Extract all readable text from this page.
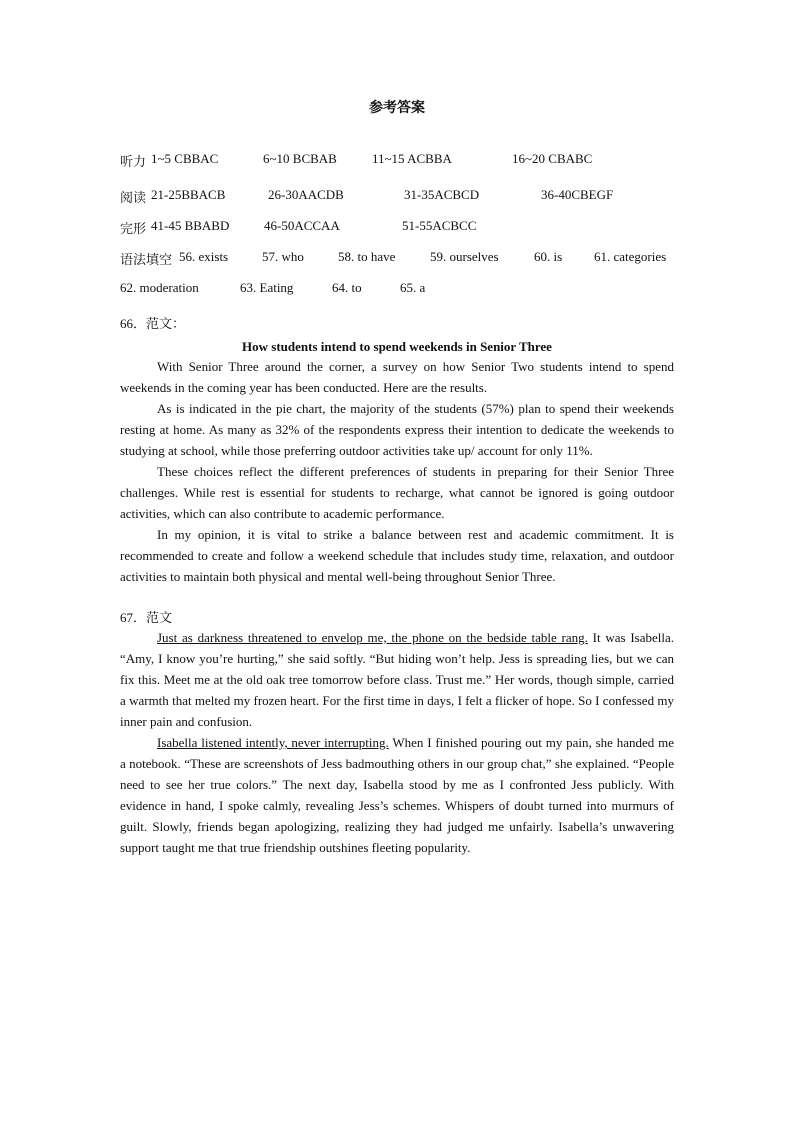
参考答案
听力 1~5 CBBAC	6~10 BCBAB	11~15 ACBBA	16~20 CBABC
阅读 21-25BBACB	26-30AACDB	31-35ACBCD	36-40CBEGF
完形 41-45 BBABD	46-50ACCAA	51-55ACBCC
语法填空 56. exists	57. who	58. to have	59. ourselves	60. is 61. categories
62. moderation	63. Eating	64. to	65. a
66．范文：
How students intend to spend weekends in Senior Three

With Senior Three around the corner, a survey on how Senior Two students intend to spend weekends in the coming year has been conducted. Here are the results.

As is indicated in the pie chart, the majority of the students (57%) plan to spend their weekends resting at home. As many as 32% of the respondents express their intention to dedicate the weekends to studying at school, while those preferring outdoor activities take up/ account for only 11%.

These choices reflect the different preferences of students in preparing for their Senior Three challenges. While rest is essential for students to recharge, what cannot be ignored is going outdoor activities, which can also contribute to academic performance.

In my opinion, it is vital to strike a balance between rest and academic commitment. It is recommended to create and follow a weekend schedule that includes study time, relaxation, and outdoor activities to maintain both physical and mental well-being throughout Senior Three.

67．范文

Just as darkness threatened to envelop me, the phone on the bedside table rang. It was Isabella. “Amy, I know you’re hurting,” she said softly. “But hiding won’t help. Jess is spreading lies, but we can fix this. Meet me at the old oak tree tomorrow before class. Trust me.” Her words, though simple, carried a warmth that melted my frozen heart. For the first time in days, I felt a flicker of hope. So I confessed my inner pain and confusion.

Isabella listened intently, never interrupting. When I finished pouring out my pain, she handed me a notebook. “These are screenshots of Jess badmouthing others in our group chat,” she explained. “People need to see her true colors.” The next day, Isabella stood by me as I confronted Jess publicly. With evidence in hand, I spoke calmly, revealing Jess’s schemes. Whispers of doubt turned into murmurs of guilt. Slowly, friends began apologizing, realizing they had judged me unfairly. Isabella’s unwavering support taught me that true friendship outshines fleeting popularity.
